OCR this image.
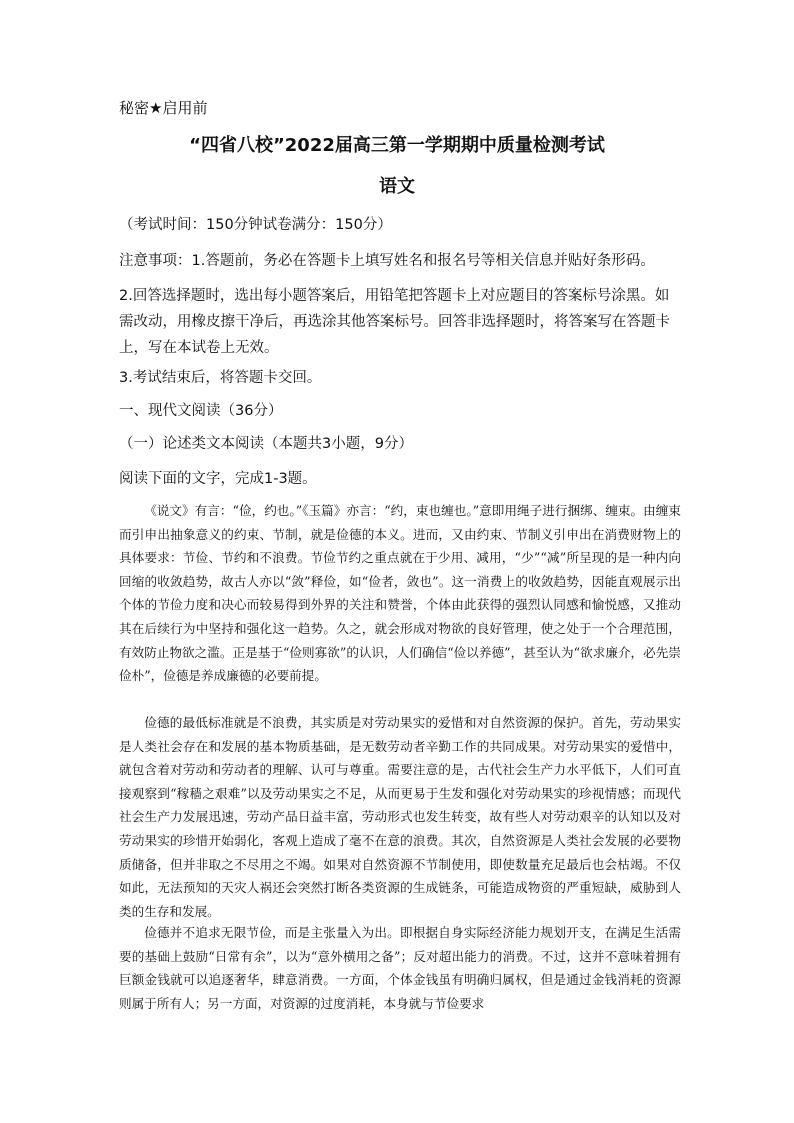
秘密★启用前
“四省八校”2022届高三第一学期期中质量检测考试
语文
（考试时间：150分钟试卷满分：150分）
注意事项：1.答题前，务必在答题卡上填写姓名和报名号等相关信息并贴好条形码。
2.回答选择题时，选出每小题答案后，用铅笔把答题卡上对应题目的答案标号涂黑。如需改动，用橡皮擦干净后，再选涂其他答案标号。回答非选择题时，将答案写在答题卡上，写在本试卷上无效。
3.考试结束后，将答题卡交回。
一、现代文阅读（36分）
（一）论述类文本阅读（本题共3小题，9分）
阅读下面的文字，完成1-3题。
《说文》有言：“俭，约也。”《玉篇》亦言：“约，束也缠也。”意即用绳子进行捆绑、缠束。由缠束而引申出抽象意义的约束、节制，就是俭德的本义。进而，又由约束、节制义引申出在消费财物上的具体要求：节俭、节约和不浪费。节俭节约之重点就在于少用、减用，“少”“减”所呈现的是一种内向回缩的收敛趋势，故古人亦以“敛”释俭，如“俭者，敛也”。这一消费上的收敛趋势，因能直观展示出个体的节俭力度和决心而较易得到外界的关注和赞誉，个体由此获得的强烈认同感和愉悦感，又推动其在后续行为中坚持和强化这一趋势。久之，就会形成对物欲的良好管理，使之处于一个合理范围，有效防止物欲之滥。正是基于“俭则寡欲”的认识，人们确信“俭以养德”，甚至认为“欲求廉介，必先崇俭朴”，俭德是养成廉德的必要前提。
俭德的最低标准就是不浪费，其实质是对劳动果实的爱惜和对自然资源的保护。首先，劳动果实是人类社会存在和发展的基本物质基础，是无数劳动者辛勤工作的共同成果。对劳动果实的爱惜中，就包含着对劳动和劳动者的理解、认可与尊重。需要注意的是，古代社会生产力水平低下，人们可直接观察到“稼穑之艰难”以及劳动果实之不足，从而更易于生发和强化对劳动果实的珍视情感；而现代社会生产力发展迅速，劳动产品日益丰富，劳动形式也发生转变，故有些人对劳动艰辛的认知以及对劳动果实的珍惜开始弱化，客观上造成了毫不在意的浪费。其次，自然资源是人类社会发展的必要物质储备，但并非取之不尽用之不竭。如果对自然资源不节制使用，即使数量充足最后也会枯竭。不仅如此，无法预知的天灾人祸还会突然打断各类资源的生成链条，可能造成物资的严重短缺，威胁到人类的生存和发展。
俭德并不追求无限节俭，而是主张量入为出。即根据自身实际经济能力规划开支，在满足生活需要的基础上鼓励“日常有余”，以为“意外横用之备”；反对超出能力的消费。不过，这并不意味着拥有巨额金钱就可以追逐奢华，肆意消费。一方面，个体金钱虽有明确归属权，但是通过金钱消耗的资源则属于所有人；另一方面，对资源的过度消耗，本身就与节俭要求
